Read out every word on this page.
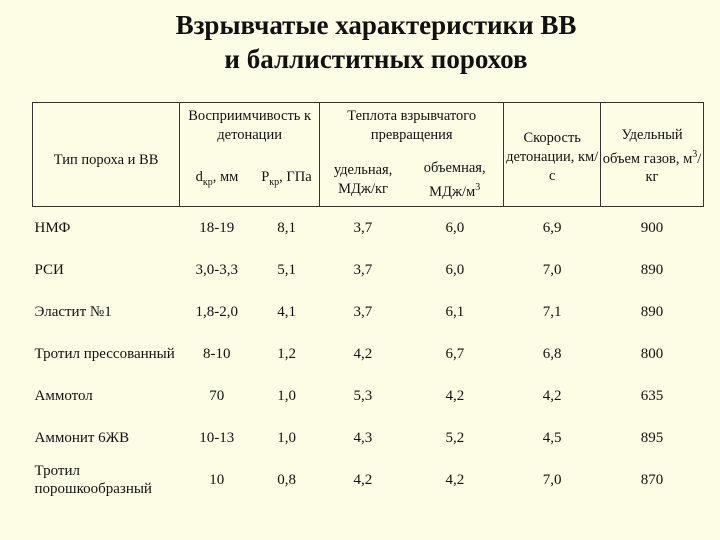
Взрывчатые характеристики ВВ
и баллиститных порохов
Тип пороха и ВВ	Восприимчивость к детонации		Теплота взрывчатого превращения		Скорость детонации, км/с	Удельный объем газов, $м^3/кг$
	$d_{кр}$, мм	$P_{кр}$, ГПа	удельная, МДж/кг	объемная, МДж/$м^3$
НМФ	18-19	8,1	3,7	6,0	6,9	900
РСИ	3,0-3,3	5,1	3,7	6,0	7,0	890
Эластит №1	1,8-2,0	4,1	3,7	6,1	7,1	890
Тротил прессованный	8-10	1,2	4,2	6,7	6,8	800
Аммотол	70	1,0	5,3	4,2	4,2	635
Аммонит 6ЖВ	10-13	1,0	4,3	5,2	4,5	895
Тротил порошкообразный	10	0,8	4,2	4,2	7,0	870
